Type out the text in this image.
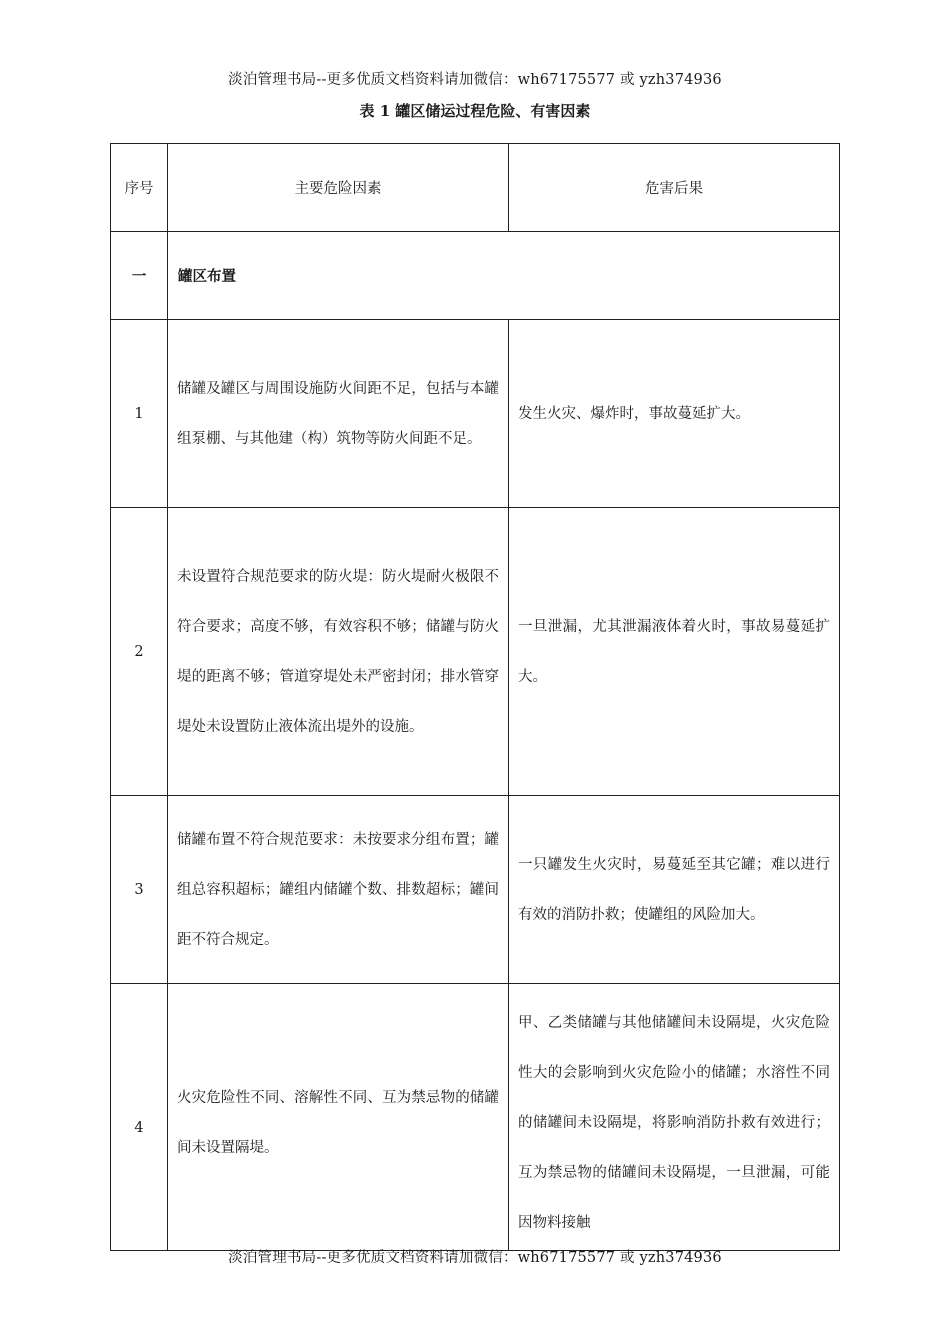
淡泊管理书局--更多优质文档资料请加微信：wh67175577 或 yzh374936
表 1 罐区储运过程危险、有害因素
序号	主要危险因素	危害后果
一	罐区布置	
1	储罐及罐区与周围设施防火间距不足，包括与本罐组泵棚、与其他建（构）筑物等防火间距不足。	发生火灾、爆炸时，事故蔓延扩大。
2	未设置符合规范要求的防火堤：防火堤耐火极限不符合要求；高度不够，有效容积不够；储罐与防火堤的距离不够；管道穿堤处未严密封闭；排水管穿堤处未设置防止液体流出堤外的设施。	一旦泄漏，尤其泄漏液体着火时，事故易蔓延扩大。
3	储罐布置不符合规范要求：未按要求分组布置；罐组总容积超标；罐组内储罐个数、排数超标；罐间距不符合规定。	一只罐发生火灾时，易蔓延至其它罐；难以进行有效的消防扑救；使罐组的风险加大。
4	火灾危险性不同、溶解性不同、互为禁忌物的储罐间未设置隔堤。	甲、乙类储罐与其他储罐间未设隔堤，火灾危险性大的会影响到火灾危险小的储罐；水溶性不同的储罐间未设隔堤，将影响消防扑救有效进行；互为禁忌物的储罐间未设隔堤，一旦泄漏，可能因物料接触
淡泊管理书局--更多优质文档资料请加微信：wh67175577 或 yzh374936
